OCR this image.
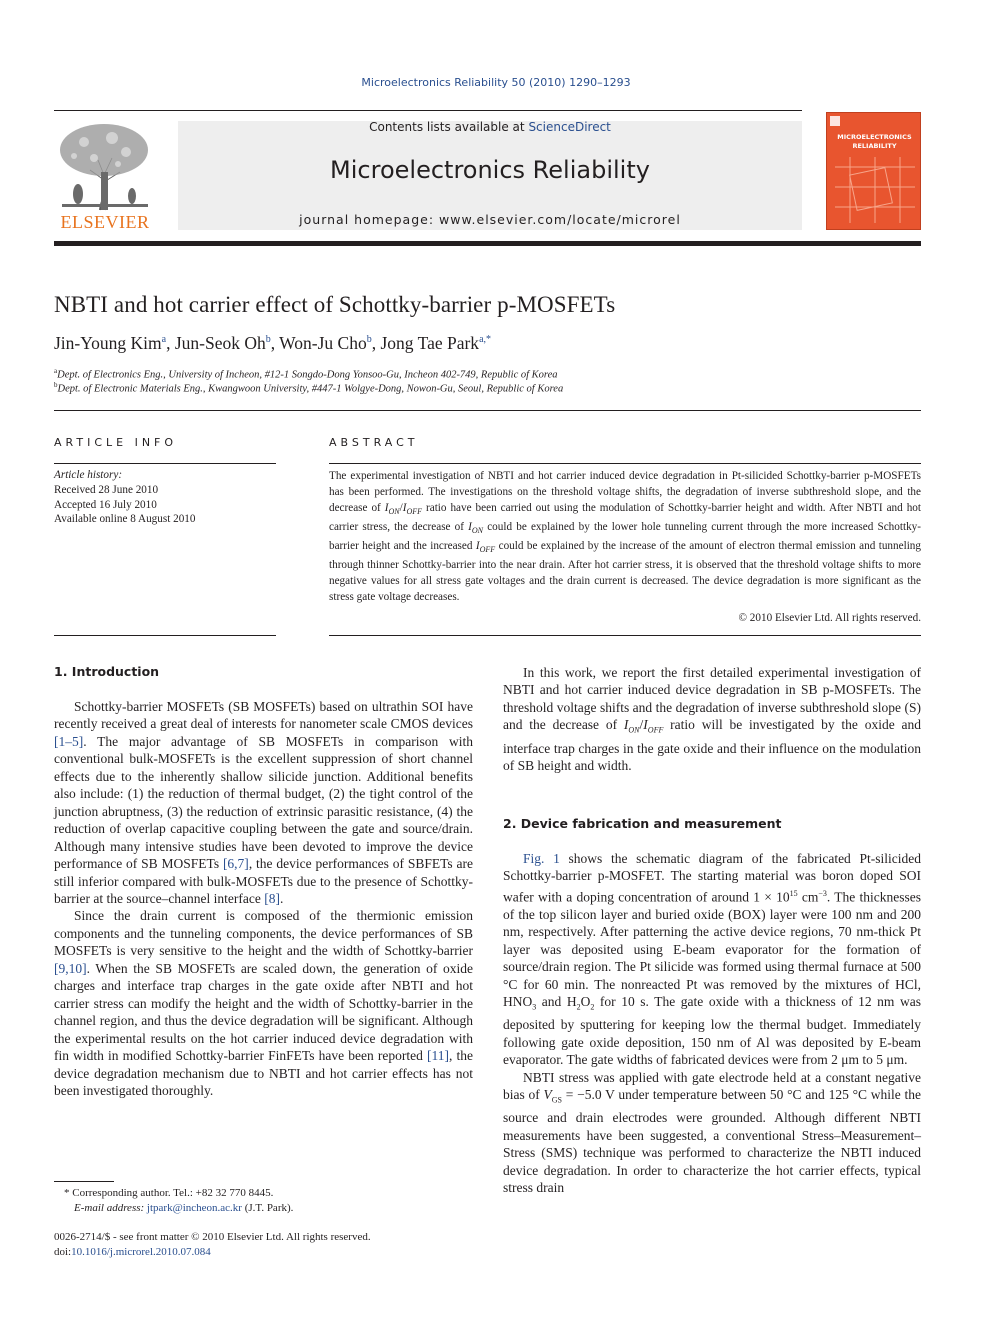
Microelectronics Reliability 50 (2010) 1290–1293
ELSEVIER
Contents lists available at ScienceDirect
Microelectronics Reliability
journal homepage: www.elsevier.com/locate/microrel
MICROELECTRONICS
RELIABILITY
NBTI and hot carrier effect of Schottky-barrier p-MOSFETs
Jin-Young Kim$^a$, Jun-Seok Oh$^b$, Won-Ju Cho$^b$, Jong Tae Park$^{a,*}$
$^a$Dept. of Electronics Eng., University of Incheon, #12-1 Songdo-Dong Yonsoo-Gu, Incheon 402-749, Republic of Korea
$^b$Dept. of Electronic Materials Eng., Kwangwoon University, #447-1 Wolgye-Dong, Nowon-Gu, Seoul, Republic of Korea
ARTICLE INFO
Article history:
Received 28 June 2010
Accepted 16 July 2010
Available online 8 August 2010
ABSTRACT
The experimental investigation of NBTI and hot carrier induced device degradation in Pt-silicided Schottky-barrier p-MOSFETs has been performed. The investigations on the threshold voltage shifts, the degradation of inverse subthreshold slope, and the decrease of $I_{ON}/I_{OFF}$ ratio have been carried out using the modulation of Schottky-barrier height and width. After NBTI and hot carrier stress, the decrease of $I_{ON}$ could be explained by the lower hole tunneling current through the more increased Schottky-barrier height and the increased $I_{OFF}$ could be explained by the increase of the amount of electron thermal emission and tunneling through thinner Schottky-barrier into the near drain. After hot carrier stress, it is observed that the threshold voltage shifts to more negative values for all stress gate voltages and the drain current is decreased. The device degradation is more significant as the stress gate voltage decreases.
© 2010 Elsevier Ltd. All rights reserved.
1. Introduction

Schottky-barrier MOSFETs (SB MOSFETs) based on ultrathin SOI have recently received a great deal of interests for nanometer scale CMOS devices [1–5]. The major advantage of SB MOSFETs in comparison with conventional bulk-MOSFETs is the excellent suppression of short channel effects due to the inherently shallow silicide junction. Additional benefits also include: (1) the reduction of thermal budget, (2) the tight control of the junction abruptness, (3) the reduction of extrinsic parasitic resistance, (4) the reduction of overlap capacitive coupling between the gate and source/drain. Although many intensive studies have been devoted to improve the device performance of SB MOSFETs [6,7], the device performances of SBFETs are still inferior compared with bulk-MOSFETs due to the presence of Schottky-barrier at the source–channel interface [8].

Since the drain current is composed of the thermionic emission components and the tunneling components, the device performances of SB MOSFETs is very sensitive to the height and the width of Schottky-barrier [9,10]. When the SB MOSFETs are scaled down, the generation of oxide charges and interface trap charges in the gate oxide after NBTI and hot carrier stress can modify the height and the width of Schottky-barrier in the channel region, and thus the device degradation will be significant. Although the experimental results on the hot carrier induced device degradation with fin width in modified Schottky-barrier FinFETs have been reported [11], the device degradation mechanism due to NBTI and hot carrier effects has not been investigated thoroughly.

* Corresponding author. Tel.: +82 32 770 8445.
E-mail address: jtpark@incheon.ac.kr (J.T. Park).
0026-2714/$ - see front matter © 2010 Elsevier Ltd. All rights reserved.
doi:10.1016/j.microrel.2010.07.084

In this work, we report the first detailed experimental investigation of NBTI and hot carrier induced device degradation in SB p-MOSFETs. The threshold voltage shifts and the degradation of inverse subthreshold slope (S) and the decrease of $I_{ON}/I_{OFF}$ ratio will be investigated by the oxide and interface trap charges in the gate oxide and their influence on the modulation of SB height and width.

2. Device fabrication and measurement

Fig. 1 shows the schematic diagram of the fabricated Pt-silicided Schottky-barrier p-MOSFET. The starting material was boron doped SOI wafer with a doping concentration of around $1 \times 10^{15}$ $cm^{-3}$. The thicknesses of the top silicon layer and buried oxide (BOX) layer were 100 nm and 200 nm, respectively. After patterning the active device regions, 70 nm-thick Pt layer was deposited using E-beam evaporator for the formation of source/drain region. The Pt silicide was formed using thermal furnace at 500 °C for 60 min. The nonreacted Pt was removed by the mixtures of HCl, $HNO_3$ and $H_2O_2$ for 10 s. The gate oxide with a thickness of 12 nm was deposited by sputtering for keeping low the thermal budget. Immediately following gate oxide deposition, 150 nm of Al was deposited by E-beam evaporator. The gate widths of fabricated devices were from 2 μm to 5 μm.

NBTI stress was applied with gate electrode held at a constant negative bias of $V_{GS} = -5.0$ V under temperature between 50 °C and 125 °C while the source and drain electrodes were grounded. Although different NBTI measurements have been suggested, a conventional Stress–Measurement–Stress (SMS) technique was performed to characterize the NBTI induced device degradation. In order to characterize the hot carrier effects, typical stress drain
